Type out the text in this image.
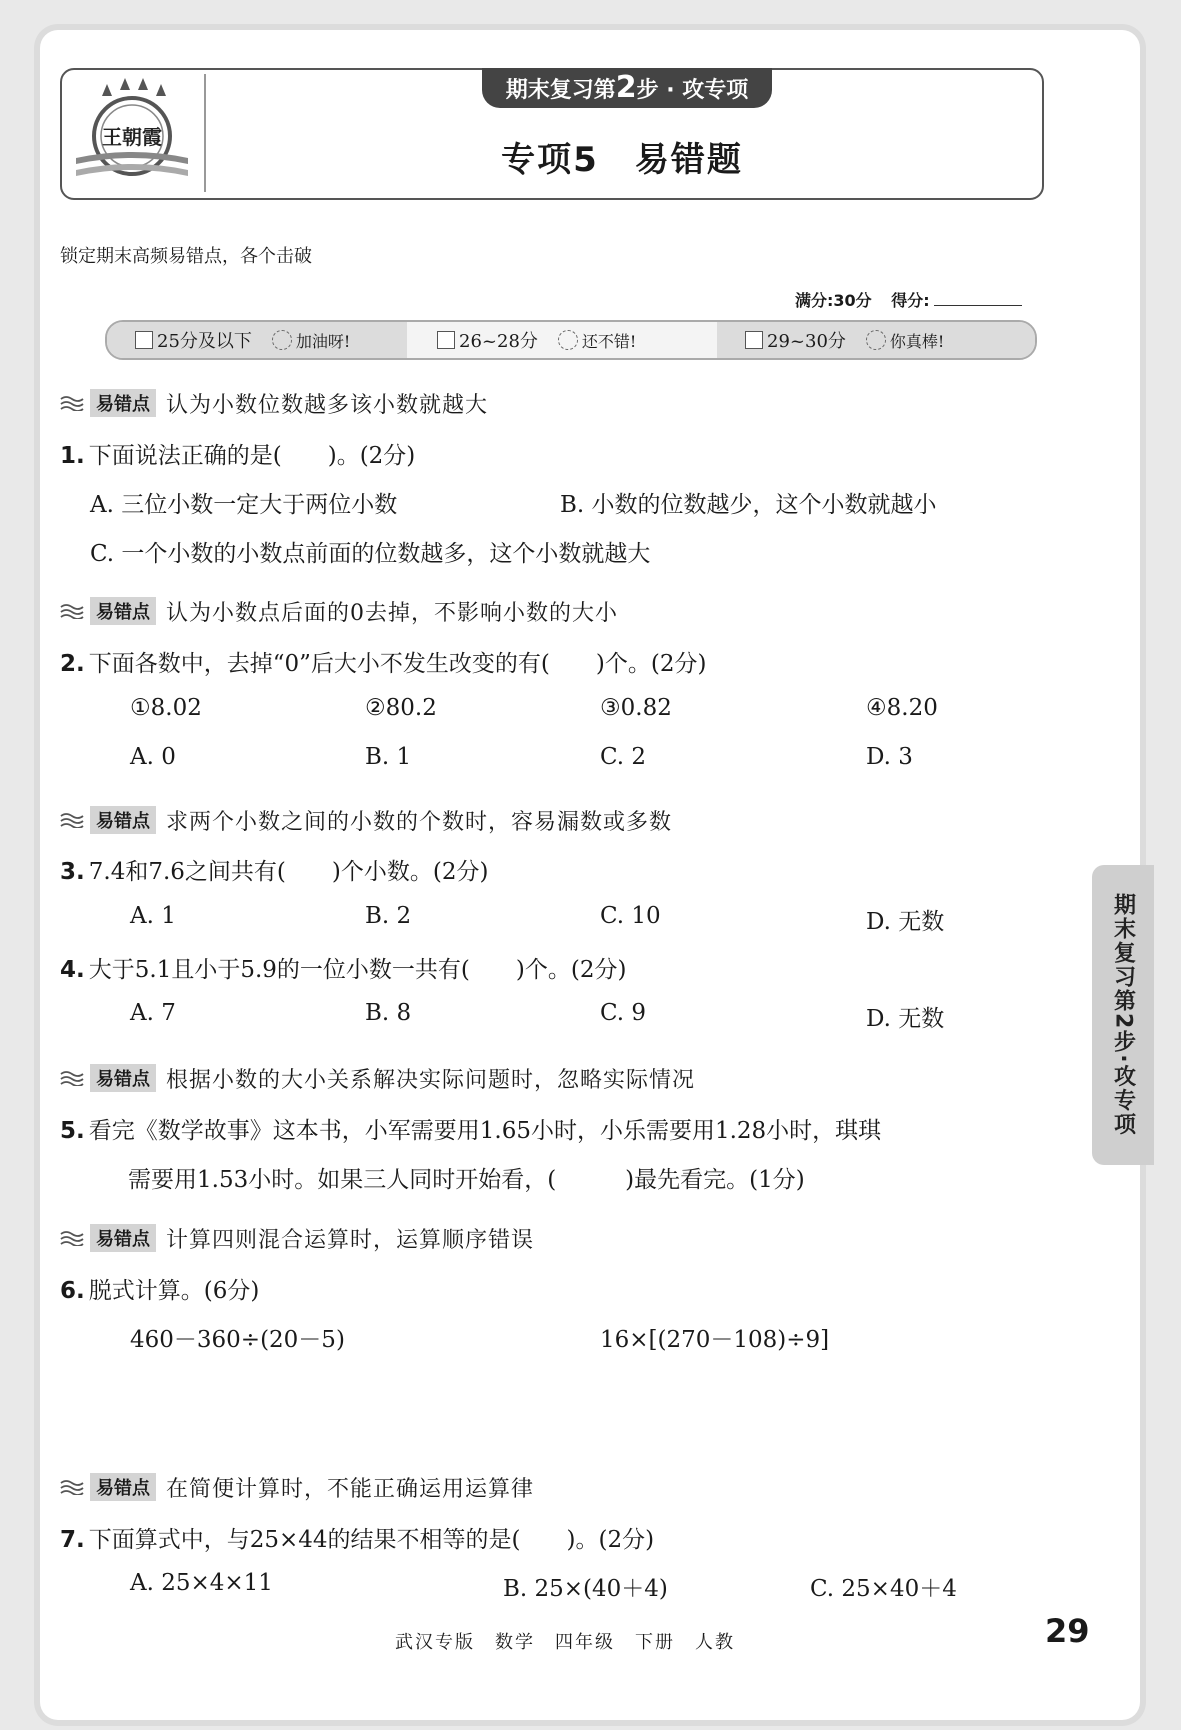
王朝霞
期末复习第2步 · 攻专项
专项5　易错题
锁定期末高频易错点，各个击破
满分:30分 得分:
25分及以下	加油呀!	26~28分	还不错!	29~30分	你真棒!
易错点 认为小数位数越多该小数就越大
1. 下面说法正确的是(　　)。(2分)
A. 三位小数一定大于两位小数	B. 小数的位数越少，这个小数就越小
C. 一个小数的小数点前面的位数越多，这个小数就越大
易错点 认为小数点后面的0去掉，不影响小数的大小
2. 下面各数中，去掉“0”后大小不发生改变的有(　　)个。(2分)
①8.02	②80.2	③0.82	④8.20
A. 0	B. 1	C. 2	D. 3
易错点 求两个小数之间的小数的个数时，容易漏数或多数
3. 7.4和7.6之间共有(　　)个小数。(2分)
A. 1	B. 2	C. 10	D. 无数
4. 大于5.1且小于5.9的一位小数一共有(　　)个。(2分)
A. 7	B. 8	C. 9	D. 无数
易错点 根据小数的大小关系解决实际问题时，忽略实际情况
5. 看完《数学故事》这本书，小军需要用1.65小时，小乐需要用1.28小时，琪琪
需要用1.53小时。如果三人同时开始看，(　　　)最先看完。(1分)
易错点 计算四则混合运算时，运算顺序错误
6. 脱式计算。(6分)
460－360÷(20－5)	16×[(270－108)÷9]
易错点 在简便计算时，不能正确运用运算律
7. 下面算式中，与25×44的结果不相等的是(　　)。(2分)
A. 25×4×11	B. 25×(40＋4)	C. 25×40＋4
期末复习第2步·攻专项
武汉专版　数学　四年级　下册　人教	29
